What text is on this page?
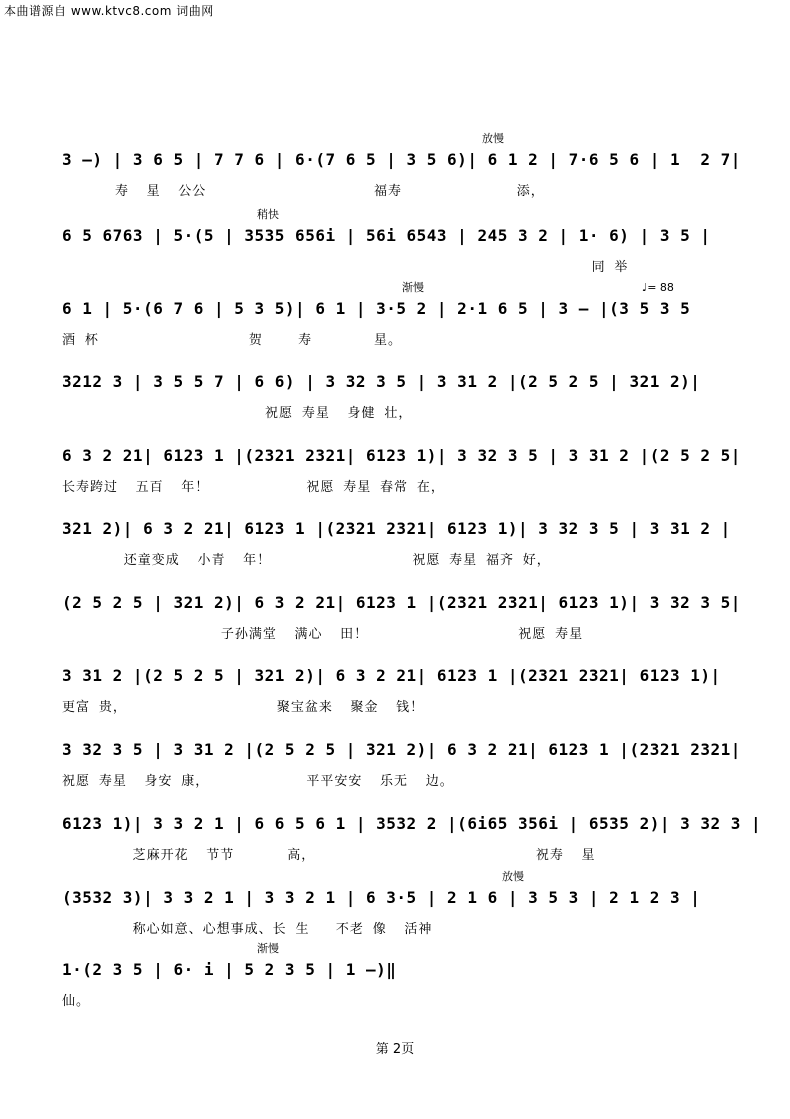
本曲谱源自 www.ktvc8.com 词曲网
3 –) | 3 6 5 | 7 7 6 | 6·(7 6 5 | 3 5 6)| 6 1 2 | 7·6 5 6 | 1  2 7|
寿  星  公公                   福寿             添，
放慢
6 5 6763 | 5·(5 | 3535 656i | 56i 6543 | 245 3 2 | 1· 6) | 3 5 |
同 举
稍快
6 1 | 5·(6 7 6 | 5 3 5)| 6 1 | 3·5 2 | 2·1 6 5 | 3 – |(3 5 3 5
酒 杯                 贺    寿       星。
渐慢	♩= 88
3212 3 | 3 5 5 7 | 6 6) | 3 32 3 5 | 3 31 2 |(2 5 2 5 | 321 2)|
祝愿 寿星  身健 壮，
6 3 2 21| 6123 1 |(2321 2321| 6123 1)| 3 32 3 5 | 3 31 2 |(2 5 2 5|
长寿跨过  五百  年！           祝愿 寿星 春常 在，
321 2)| 6 3 2 21| 6123 1 |(2321 2321| 6123 1)| 3 32 3 5 | 3 31 2 |
还童变成  小青  年！                祝愿 寿星 福齐 好，
(2 5 2 5 | 321 2)| 6 3 2 21| 6123 1 |(2321 2321| 6123 1)| 3 32 3 5|
子孙满堂  满心  田！                 祝愿 寿星
3 31 2 |(2 5 2 5 | 321 2)| 6 3 2 21| 6123 1 |(2321 2321| 6123 1)|
更富 贵，                 聚宝盆来  聚金  钱！
3 32 3 5 | 3 31 2 |(2 5 2 5 | 321 2)| 6 3 2 21| 6123 1 |(2321 2321|
祝愿 寿星  身安 康，           平平安安  乐无  边。
6123 1)| 3 3 2 1 | 6 6 5 6 1 | 3532 2 |(6i65 356i | 6535 2)| 3 32 3 |
芝麻开花  节节      高，                         祝寿  星
(3532 3)| 3 3 2 1 | 3 3 2 1 | 6 3·5 | 2 1 6 | 3 5 3 | 2 1 2 3 |
称心如意、心想事成、长 生   不老 像  活神
放慢
1·(2 3 5 | 6· i | 5 2 3 5 | 1 –)‖
仙。
渐慢
第 2页
